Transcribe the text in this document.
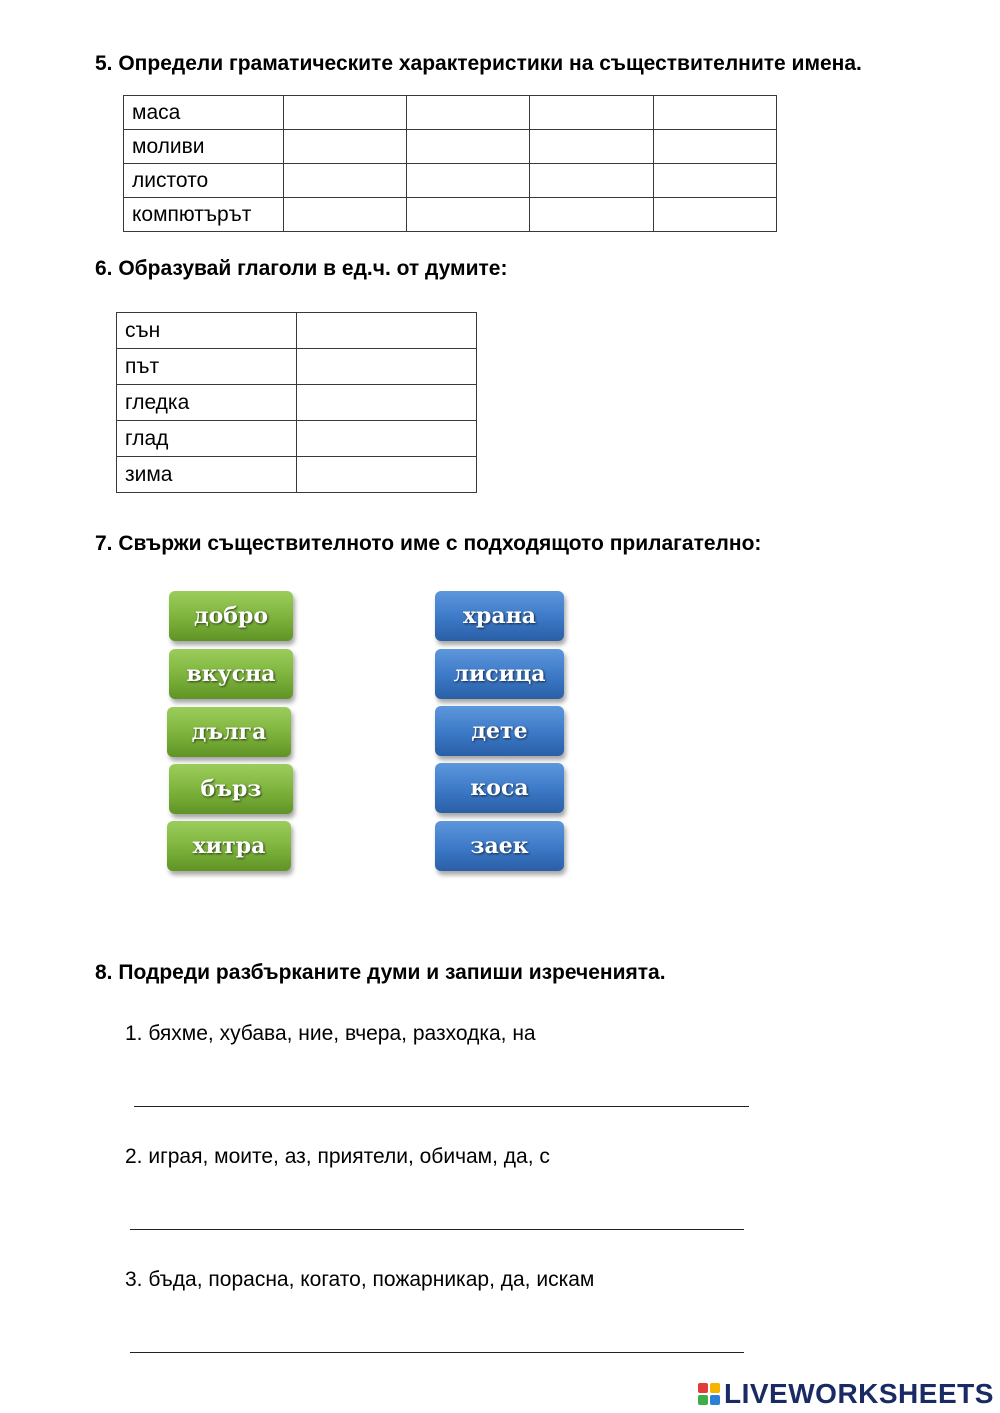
5. Определи граматическите характеристики на съществителните имена.
маса				
моливи				
листото				
компютърът				
6. Образувай глаголи в ед.ч. от думите:
сън	
път	
гледка	
глад	
зима	
7. Свържи съществителното име с подходящото прилагателно:
добро
вкусна
дълга
бърз
хитра
храна
лисица
дете
коса
заек
8. Подреди разбърканите думи и запиши изреченията.

1. бяхме, хубава, ние, вчера, разходка, на

2. играя, моите, аз, приятели, обичам, да, с

3. бъда, порасна, когато, пожарникар, да, искам

LIVEWORKSHEETS
